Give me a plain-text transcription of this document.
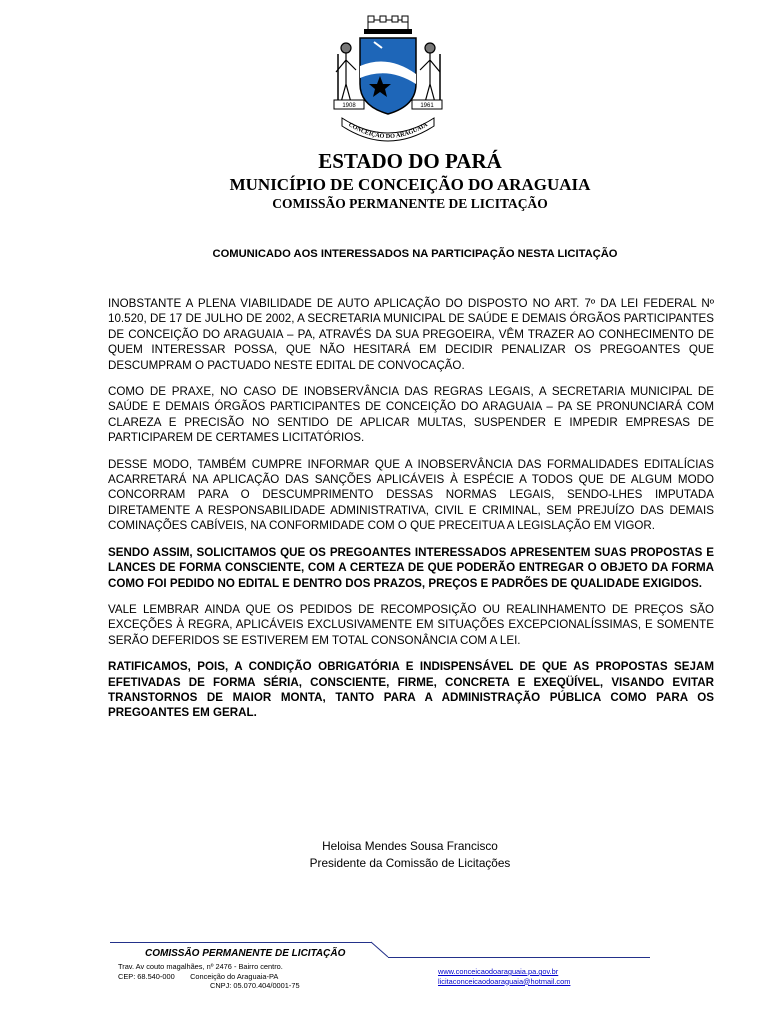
1908	1961
CONCEIÇÃO DO ARAGUAIA
ESTADO DO PARÁ
MUNICÍPIO DE CONCEIÇÃO DO ARAGUAIA
COMISSÃO PERMANENTE DE LICITAÇÃO
COMUNICADO AOS INTERESSADOS NA PARTICIPAÇÃO NESTA LICITAÇÃO

INOBSTANTE A PLENA VIABILIDADE DE AUTO APLICAÇÃO DO DISPOSTO NO ART. 7º DA LEI FEDERAL Nº 10.520, DE 17 DE JULHO DE 2002, A SECRETARIA MUNICIPAL DE SAÚDE E DEMAIS ÓRGÃOS PARTICIPANTES DE CONCEIÇÃO DO ARAGUAIA – PA, ATRAVÉS DA SUA PREGOEIRA, VÊM TRAZER AO CONHECIMENTO DE QUEM INTERESSAR POSSA, QUE NÃO HESITARÁ EM DECIDIR PENALIZAR OS PREGOANTES QUE DESCUMPRAM O PACTUADO NESTE EDITAL DE CONVOCAÇÃO.

COMO DE PRAXE, NO CASO DE INOBSERVÂNCIA DAS REGRAS LEGAIS, A SECRETARIA MUNICIPAL DE SAÚDE E DEMAIS ÓRGÃOS PARTICIPANTES DE CONCEIÇÃO DO ARAGUAIA – PA SE PRONUNCIARÁ COM CLAREZA E PRECISÃO NO SENTIDO DE APLICAR MULTAS, SUSPENDER E IMPEDIR EMPRESAS DE PARTICIPAREM DE CERTAMES LICITATÓRIOS.

DESSE MODO, TAMBÉM CUMPRE INFORMAR QUE A INOBSERVÂNCIA DAS FORMALIDADES EDITALÍCIAS ACARRETARÁ NA APLICAÇÃO DAS SANÇÕES APLICÁVEIS À ESPÉCIE A TODOS QUE DE ALGUM MODO CONCORRAM PARA O DESCUMPRIMENTO DESSAS NORMAS LEGAIS, SENDO-LHES IMPUTADA DIRETAMENTE A RESPONSABILIDADE ADMINISTRATIVA, CIVIL E CRIMINAL, SEM PREJUÍZO DAS DEMAIS COMINAÇÕES CABÍVEIS, NA CONFORMIDADE COM O QUE PRECEITUA A LEGISLAÇÃO EM VIGOR.

SENDO ASSIM, SOLICITAMOS QUE OS PREGOANTES INTERESSADOS APRESENTEM SUAS PROPOSTAS E LANCES DE FORMA CONSCIENTE, COM A CERTEZA DE QUE PODERÃO ENTREGAR O OBJETO DA FORMA COMO FOI PEDIDO NO EDITAL E DENTRO DOS PRAZOS, PREÇOS E PADRÕES DE QUALIDADE EXIGIDOS.

VALE LEMBRAR AINDA QUE OS PEDIDOS DE RECOMPOSIÇÃO OU REALINHAMENTO DE PREÇOS SÃO EXCEÇÕES À REGRA, APLICÁVEIS EXCLUSIVAMENTE EM SITUAÇÕES EXCEPCIONALÍSSIMAS, E SOMENTE SERÃO DEFERIDOS SE ESTIVEREM EM TOTAL CONSONÂNCIA COM A LEI.

RATIFICAMOS, POIS, A CONDIÇÃO OBRIGATÓRIA E INDISPENSÁVEL DE QUE AS PROPOSTAS SEJAM EFETIVADAS DE FORMA SÉRIA, CONSCIENTE, FIRME, CONCRETA E EXEQÜÍVEL, VISANDO EVITAR TRANSTORNOS DE MAIOR MONTA, TANTO PARA A ADMINISTRAÇÃO PÚBLICA COMO PARA OS PREGOANTES EM GERAL.

Heloisa Mendes Sousa Francisco
Presidente da Comissão de Licitações
COMISSÃO PERMANENTE DE LICITAÇÃO
Trav. Av couto magalhães, nº 2476 - Bairro centro.
CEP: 68.540-000 Conceição do Araguaia-PA
CNPJ: 05.070.404/0001-75
www.conceicaodoaraguaia.pa.gov.br
licitaconceicaodoaraguaia@hotmail.com
